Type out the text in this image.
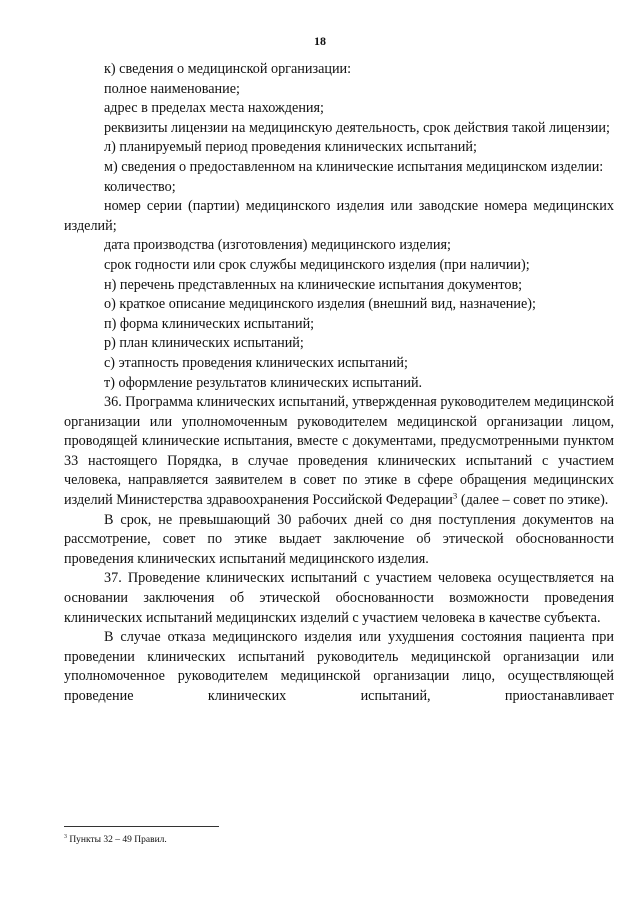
18

к) сведения о медицинской организации:

полное наименование;

адрес в пределах места нахождения;

реквизиты лицензии на медицинскую деятельность, срок действия такой лицензии;

л) планируемый период проведения клинических испытаний;

м) сведения о предоставленном на клинические испытания медицинском изделии:

количество;

номер серии (партии) медицинского изделия или заводские номера медицинских изделий;

дата производства (изготовления) медицинского изделия;

срок годности или срок службы медицинского изделия (при наличии);

н) перечень представленных на клинические испытания документов;

о) краткое описание медицинского изделия (внешний вид, назначение);

п) форма клинических испытаний;

р) план клинических испытаний;

с) этапность проведения клинических испытаний;

т) оформление результатов клинических испытаний.

36. Программа клинических испытаний, утвержденная руководителем медицинской организации или уполномоченным руководителем медицинской организации лицом, проводящей клинические испытания, вместе с документами, предусмотренными пунктом 33 настоящего Порядка, в случае проведения клинических испытаний с участием человека, направляется заявителем в совет по этике в сфере обращения медицинских изделий Министерства здравоохранения Российской Федерации$^3$ (далее – совет по этике).

В срок, не превышающий 30 рабочих дней со дня поступления документов на рассмотрение, совет по этике выдает заключение об этической обоснованности проведения клинических испытаний медицинского изделия.

37. Проведение клинических испытаний с участием человека осуществляется на основании заключения об этической обоснованности возможности проведения клинических испытаний медицинских изделий с участием человека в качестве субъекта.

В случае отказа медицинского изделия или ухудшения состояния пациента при проведении клинических испытаний руководитель медицинской организации или уполномоченное руководителем медицинской организации лицо, осуществляющей проведение клинических испытаний, приостанавливает

$^3$ Пункты 32 – 49 Правил.
